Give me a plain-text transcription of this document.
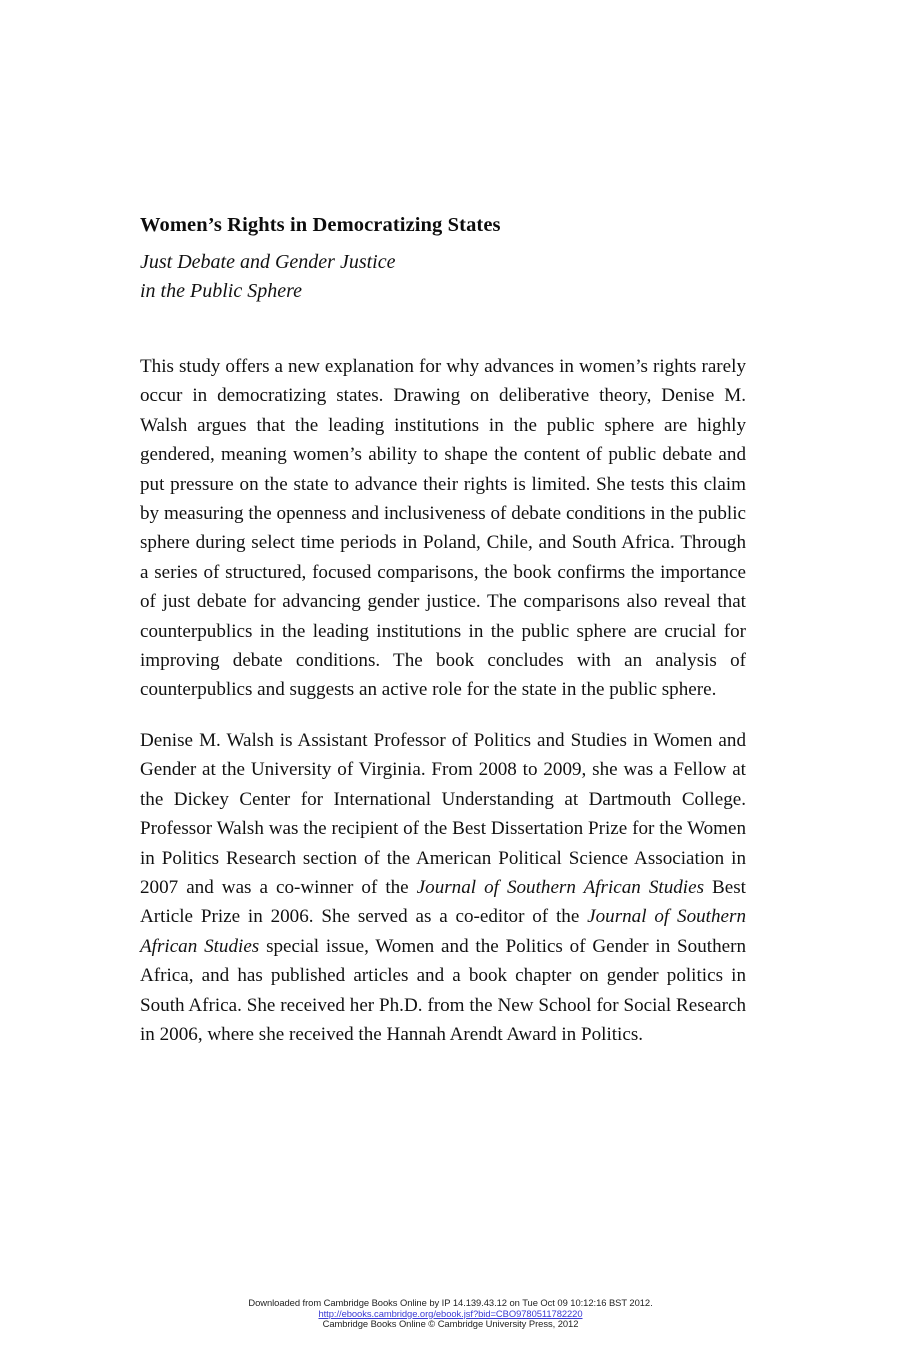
Women’s Rights in Democratizing States
Just Debate and Gender Justice
in the Public Sphere

This study offers a new explanation for why advances in women’s rights rarely occur in democratizing states. Drawing on deliberative theory, Denise M. Walsh argues that the leading institutions in the public sphere are highly gendered, meaning women’s ability to shape the content of public debate and put pressure on the state to advance their rights is limited. She tests this claim by measuring the openness and inclusiveness of debate conditions in the public sphere during select time periods in Poland, Chile, and South Africa. Through a series of structured, focused comparisons, the book confirms the importance of just debate for advancing gender justice. The comparisons also reveal that counterpublics in the leading institutions in the public sphere are crucial for improving debate conditions. The book concludes with an analysis of counterpublics and suggests an active role for the state in the public sphere.

Denise M. Walsh is Assistant Professor of Politics and Studies in Women and Gender at the University of Virginia. From 2008 to 2009, she was a Fellow at the Dickey Center for International Understanding at Dartmouth College. Professor Walsh was the recipient of the Best Dissertation Prize for the Women in Politics Research section of the American Political Science Association in 2007 and was a co-winner of the Journal of Southern African Studies Best Article Prize in 2006. She served as a co-editor of the Journal of Southern African Studies special issue, Women and the Politics of Gender in Southern Africa, and has published articles and a book chapter on gender politics in South Africa. She received her Ph.D. from the New School for Social Research in 2006, where she received the Hannah Arendt Award in Politics.

Downloaded from Cambridge Books Online by IP 14.139.43.12 on Tue Oct 09 10:12:16 BST 2012.
http://ebooks.cambridge.org/ebook.jsf?bid=CBO9780511782220
Cambridge Books Online © Cambridge University Press, 2012
